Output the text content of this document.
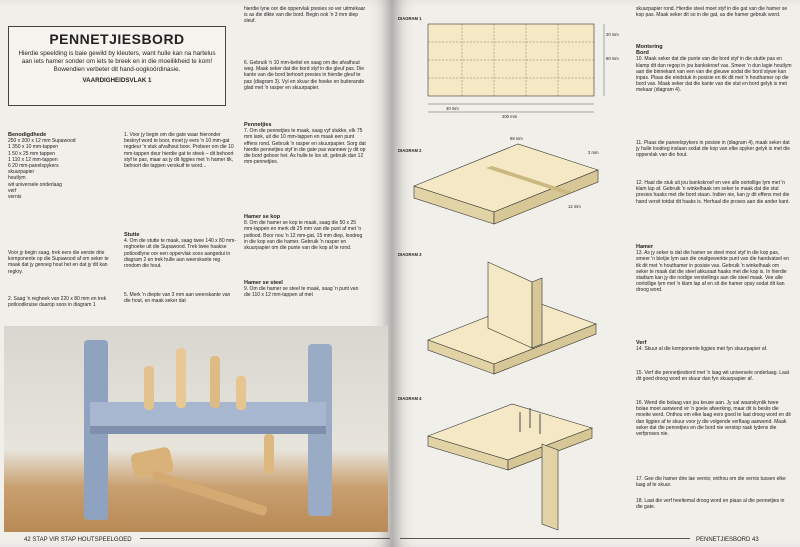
PENNETJIESBORD

Hierdie speelding is baie gewild by kleuters, want hulle kan na hartelus aan iets hamer sonder om iets te breek en in die moeilikheid te kom! Bowendien verbeter dit hand-oogkoördinasie.

VAARDIGHEIDSVLAK 1
Benodigdhede
250 x 200 x 12 mm Supawood
1 350 x 10 mm-tappen
1 50 x 25 mm tappen
1 110 x 12 mm-tappen
6 20 mm-panelspykers
skuurpapier
houtlym
wit universele onderlaag
verf
vernis
Voor jy begin saag, trek eers die eerste drie komponente op die Supawood af om seker te maak dat jy genoeg hout het en dat jy dit kan regkry.
2. Saag 'n reghoek van 220 x 80 mm en trek potloodkruise daarop soos in diagram 1
1. Voor jy begin om die gate waar hieronder beskryf word te boor, moet jy eers 'n 10 mm-gat regdeur 'n stuk afvalhout boor. Probeer om die 10 mm-tappen deur hierdie gat te steek – dit behoort styf te pas, maar as jy dit liggies met 'n hamer tik, behoort die tappen verskuif te word...
Stutte
4. Om die stutte te maak, saag twee 140 x 80 mm-reghoeke uit die Supawood. Trek twee haakse potloodlyne oor een oppervlak soos aangedui in diagram 2 en trek hulle aan weerskante reg rondom die hout.
5. Merk 'n diepte van 3 mm aan weerskante van die hout, en maak seker dat
hierdie lyne oor die oppervlak presies so ver uitmekaar is as die dikte van die bord. Begin ook 'n 3 mm diep sleuf.
6. Gebruik 'n 10 mm-beitel en saag om die afvalhout weg. Maak seker dat die bord styf in die gleuf pas. Die kante van die bord behoort presies in hierdie gleuf te pas (diagram 3). Vyl en skuur die hoeke en buiterande glad met 'n rasper en skuurpapier.
Pennetjies
7. Om die pennetjies te maak, saag vyf stukke, elk 75 mm lank, uit die 10 mm-tappen en maak een punt effens rond. Gebruik 'n rasper en skuurpapier. Sorg dat hierdie pennetjies styf in die gate pas wanneer jy dit op die bord geboor het. As hulle te los sit, gebruik dan 12 mm-pennetjies.
Hamer se kop
8. Om die hamer se kop te maak, saag die 50 x 25 mm-tappen en merk dit 25 mm van die punt af met 'n potlood. Boor nou 'n 12 mm-gat, 15 mm diep, loodreg in die kop van die hamer. Gebruik 'n rasper en skuurpapier om die punte van die kop af te rond.
Hamer se steel
9. Om die hamer se steel te maak, saag 'n punt van die 110 x 12 mm-tappen af met
42 STAP VIR STAP HOUTSPEELGOED
DIAGRAM 1
40 mm
200 mm
20 mm
80 mm
DIAGRAM 2
68 mm
3 mm
12 mm
DIAGRAM 3
DIAGRAM 4
skuurpapier rond. Hierdie steel moet styf in die gat van die hamer se kop pas. Maak seker dit so in die gat, as die hamer gebruik word.
Montering
Bord
10. Maak seker dat die punte van die bord styf in die stutte pas en klamp dit dan regop in jou bankskroef vas. Smeer 'n dun lagie houtlym aan die binnekant van een van die gleuwe sodat die bord stywe kan inpas. Plaas die eindstuk in posisie en tik dit met 'n houthamer op die bord vas. Maak seker dat die kante van die stut en bord gelyk is met mekaar (diagram 4).
11. Plaas die paneelspykers in posisie in (diagram 4), maak seker dat jy hulle loodreg inslaan sodat die kop van elke spyker gelyk is met die oppervlak van die hout.
12. Haal die stuk uit jou bankskroef en vee alle oortollige lym met 'n klam lap af. Gebruik 'n winkelhaak om seker te maak dat die stut presies haaks met die bord staan. Indien nie, kan jy dit effens met die hand versit totdat dit haaks is. Herhaal die proses aan die ander kant.
Hamer
13. As jy seker is dat die hamer se steel mooi styf in die kop pas, smeer 'n bietjie lym aan die onafgewerkte punt van die handvatsel en tik dit met 'n houthamer in posisie vas. Gebruik 'n winkelhaak om seker te maak dat die steel akkuraat haaks met die kop is. In hierdie stadium kan jy die nodige verstellings aan die steel maak. Vee alle oortollige lym met 'n klam lap af en sit die hamer opsy sodat dit kan droog word.
Verf
14. Skuur al die komponente liggies met fyn skuurpapier af.
15. Verf die pennetjiesbord met 'n laag wit universele onderlaag. Laat dit goed droog word en skuur dan fyn skuurpapier af.
16. Wend die bolaag van jou keuse aan. Jy sal waarskynlik twee bolae moet aanwend vir 'n goeie afwerking, maar dit is beslis die moeite werd. Onthou om elke laag eers goed te laat droog word en dit dan liggies af te skuur voor jy die volgende verflaag aanwend. Maak seker dat die pennetjies en die bord nie verstop raak tydens die verfproses nie.
17. Gee die hamer drie lae vernis; onthou om die vernis tussen elke laag af te skuur.
18. Laat die verf heeltemal droog word en plaas al die pennetjies in die gate.
PENNETJIESBORD 43
